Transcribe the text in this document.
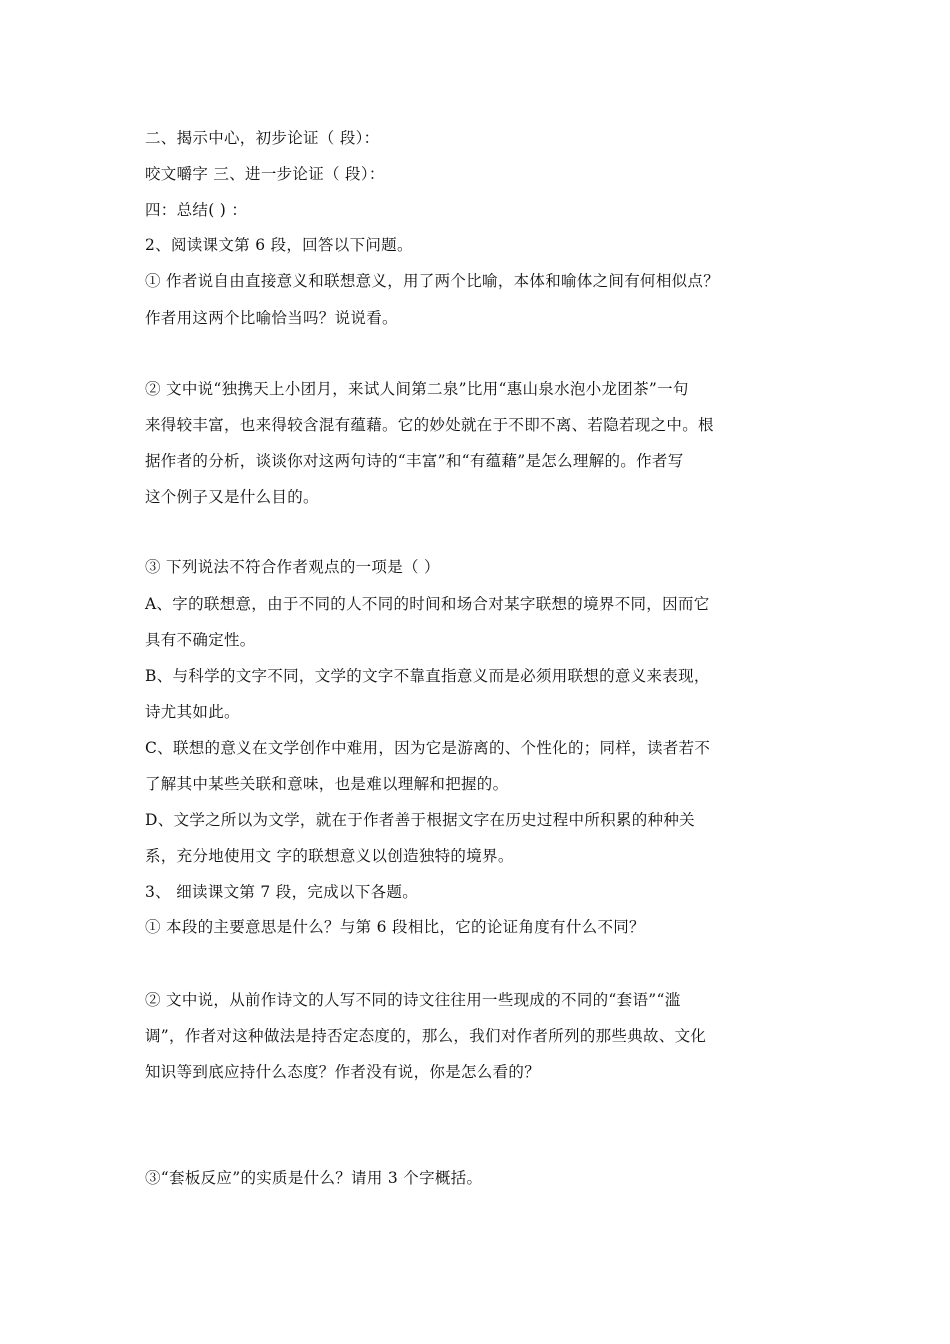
二、揭示中心，初步论证（ 段）：
咬文嚼字 三、进一步论证（ 段）：
四：总结( ) ：
2、阅读课文第 6 段，回答以下问题。
① 作者说自由直接意义和联想意义，用了两个比喻，本体和喻体之间有何相似点？
作者用这两个比喻恰当吗？说说看。
② 文中说“独携天上小团月，来试人间第二泉”比用“惠山泉水泡小龙团茶”一句
来得较丰富，也来得较含混有蕴藉。它的妙处就在于不即不离、若隐若现之中。根
据作者的分析，谈谈你对这两句诗的“丰富”和“有蕴藉”是怎么理解的。作者写
这个例子又是什么目的。
③ 下列说法不符合作者观点的一项是（ ）
A、字的联想意，由于不同的人不同的时间和场合对某字联想的境界不同，因而它
具有不确定性。
B、与科学的文字不同，文学的文字不靠直指意义而是必须用联想的意义来表现，
诗尤其如此。
C、联想的意义在文学创作中难用，因为它是游离的、个性化的；同样，读者若不
了解其中某些关联和意味，也是难以理解和把握的。
D、文学之所以为文学，就在于作者善于根据文字在历史过程中所积累的种种关
系，充分地使用文 字的联想意义以创造独特的境界。
3、 细读课文第 7 段，完成以下各题。
① 本段的主要意思是什么？与第 6 段相比，它的论证角度有什么不同？
② 文中说，从前作诗文的人写不同的诗文往往用一些现成的不同的“套语”“滥
调”，作者对这种做法是持否定态度的，那么，我们对作者所列的那些典故、文化
知识等到底应持什么态度？作者没有说，你是怎么看的？
③“套板反应”的实质是什么？请用 3 个字概括。
